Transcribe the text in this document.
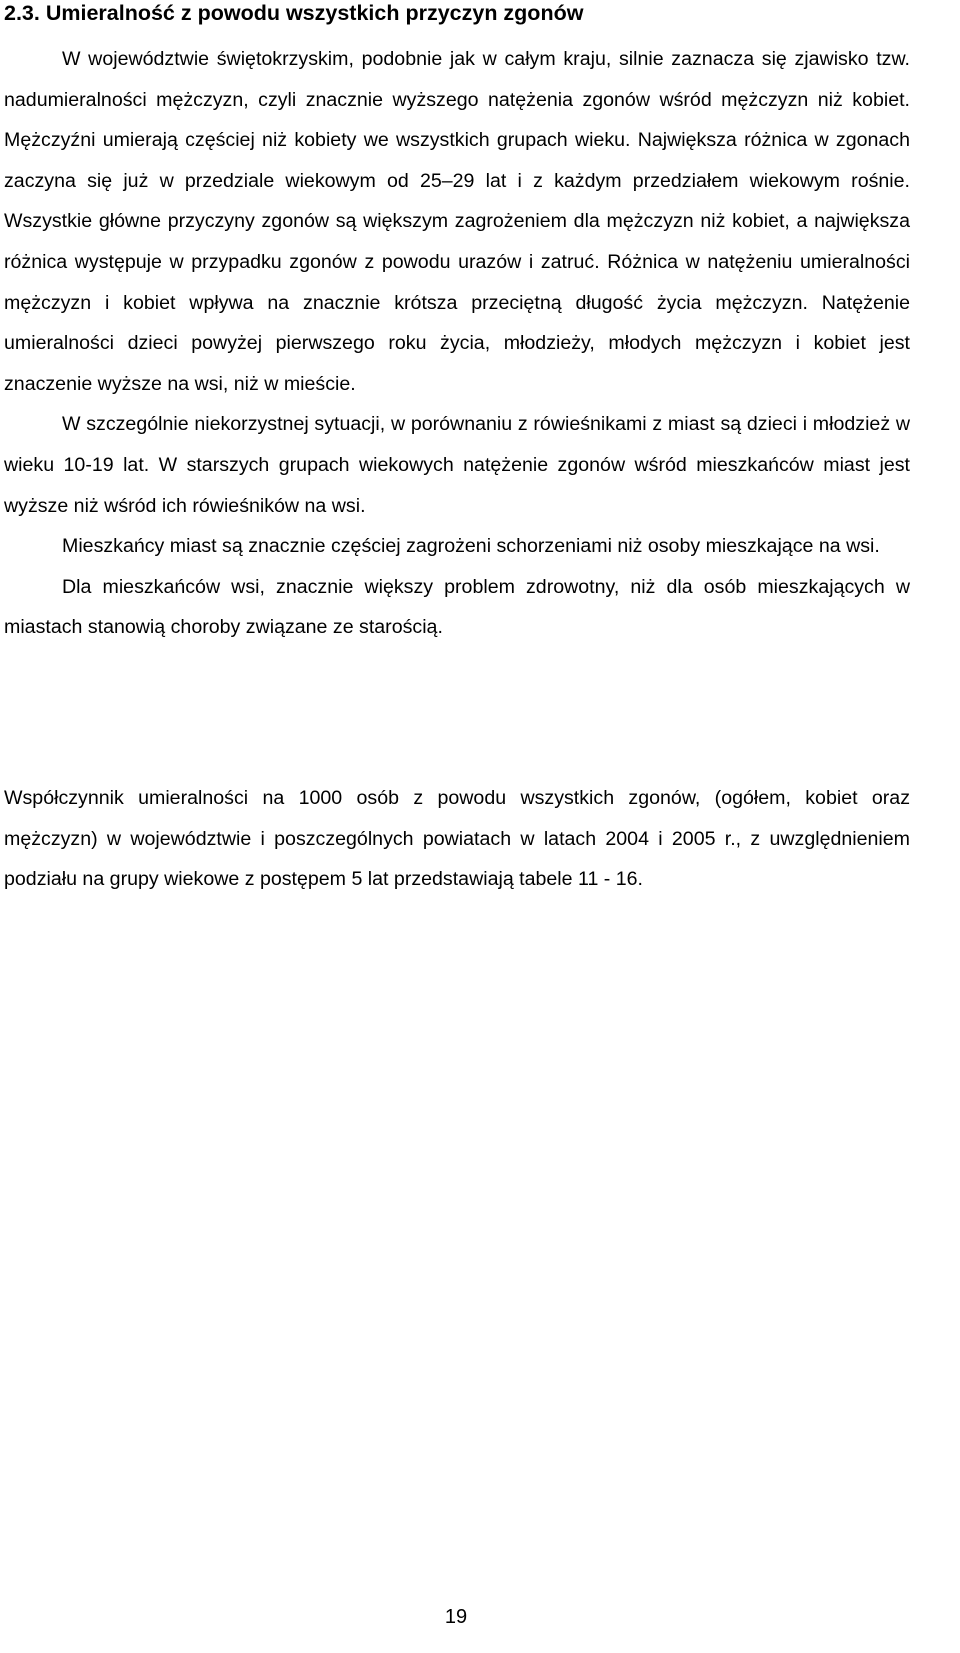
2.3. Umieralność z powodu wszystkich przyczyn zgonów

W województwie świętokrzyskim, podobnie jak w całym kraju, silnie zaznacza się zjawisko tzw. nadumieralności mężczyzn, czyli znacznie wyższego natężenia zgonów wśród mężczyzn niż kobiet. Mężczyźni umierają częściej niż kobiety we wszystkich grupach wieku. Największa różnica w zgonach zaczyna się już w przedziale wiekowym od 25–29 lat i z każdym przedziałem wiekowym rośnie. Wszystkie główne przyczyny zgonów są większym zagrożeniem dla mężczyzn niż kobiet, a największa różnica występuje w przypadku zgonów z powodu urazów i zatruć. Różnica w natężeniu umieralności mężczyzn i kobiet wpływa na znacznie krótsza przeciętną długość życia mężczyzn. Natężenie umieralności dzieci powyżej pierwszego roku życia, młodzieży, młodych mężczyzn i kobiet jest znaczenie wyższe na wsi, niż w mieście.

W szczególnie niekorzystnej sytuacji, w porównaniu z rówieśnikami z miast są dzieci i młodzież w wieku 10-19 lat. W starszych grupach wiekowych natężenie zgonów wśród mieszkańców miast jest wyższe niż wśród ich rówieśników na wsi.

Mieszkańcy miast są znacznie częściej zagrożeni schorzeniami niż osoby mieszkające na wsi.

Dla mieszkańców wsi, znacznie większy problem zdrowotny, niż dla osób mieszkających w miastach stanowią choroby związane ze starością.

Współczynnik umieralności na 1000 osób z powodu wszystkich zgonów, (ogółem, kobiet oraz mężczyzn) w województwie i poszczególnych powiatach w latach 2004 i 2005 r., z uwzględnieniem podziału na grupy wiekowe z postępem 5 lat przedstawiają tabele 11 - 16.

19
